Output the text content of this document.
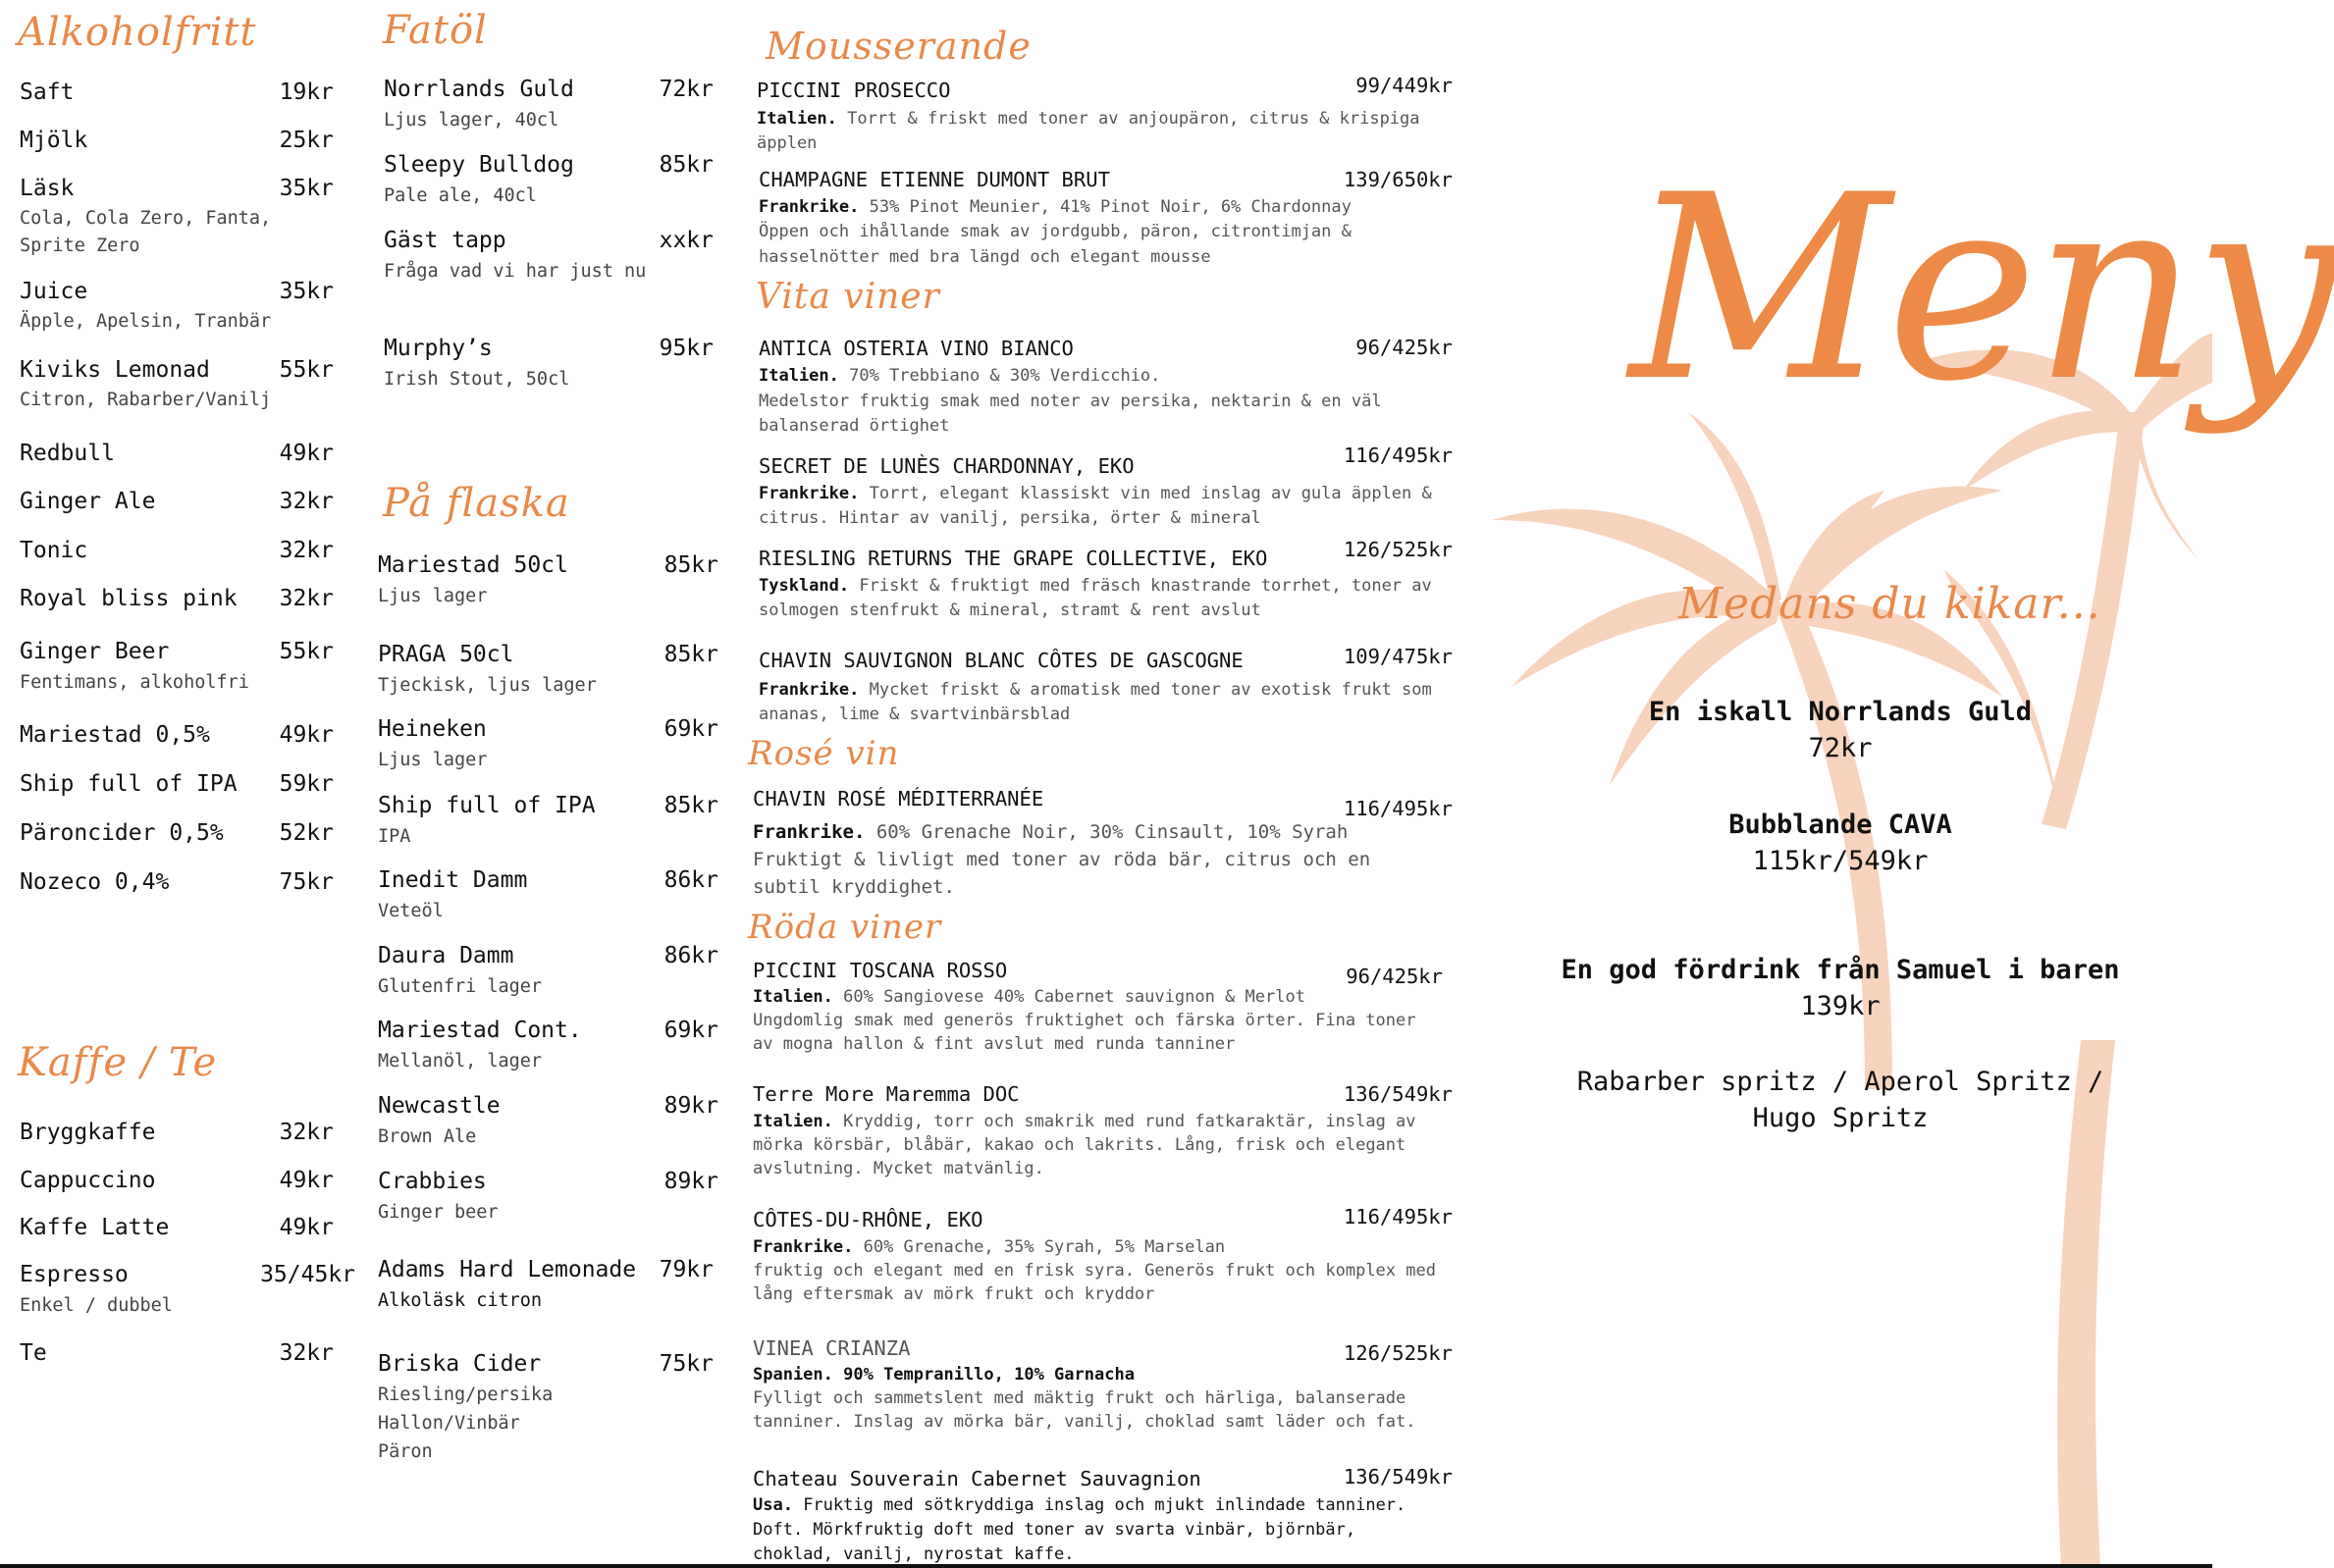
Alkoholfritt
Saft	19kr
Mjölk	25kr
Läsk	35kr
Cola, Cola Zero, Fanta,
Sprite Zero
Juice	35kr
Äpple, Apelsin, Tranbär
Kiviks Lemonad	55kr
Citron, Rabarber/Vanilj
Redbull	49kr
Ginger Ale	32kr
Tonic	32kr
Royal bliss pink	32kr
Ginger Beer	55kr
Fentimans, alkoholfri
Mariestad 0,5%	49kr
Ship full of IPA	59kr
Päroncider 0,5%	52kr
Nozeco 0,4%	75kr
Kaffe / Te
Bryggkaffe	32kr
Cappuccino	49kr
Kaffe Latte	49kr
Espresso	35/45kr
Enkel / dubbel
Te	32kr
Fatöl
Norrlands Guld	72kr
Ljus lager, 40cl
Sleepy Bulldog	85kr
Pale ale, 40cl
Gäst tapp	xxkr
Fråga vad vi har just nu
Murphy’s	95kr
Irish Stout, 50cl
På flaska
Mariestad 50cl	85kr
Ljus lager
PRAGA 50cl	85kr
Tjeckisk, ljus lager
Heineken	69kr
Ljus lager
Ship full of IPA	85kr
IPA
Inedit Damm	86kr
Veteöl
Daura Damm	86kr
Glutenfri lager
Mariestad Cont.	69kr
Mellanöl, lager
Newcastle	89kr
Brown Ale
Crabbies	89kr
Ginger beer
Adams Hard Lemonade	79kr
Alkoläsk citron
Briska Cider	75kr
Riesling/persika
Hallon/Vinbär
Päron
Mousserande
PICCINI PROSECCO	99/449kr
Italien. Torrt & friskt med toner av anjoupäron, citrus & krispiga
äpplen
CHAMPAGNE ETIENNE DUMONT BRUT	139/650kr
Frankrike. 53% Pinot Meunier, 41% Pinot Noir, 6% Chardonnay
Öppen och ihållande smak av jordgubb, päron, citrontimjan &
hasselnötter med bra längd och elegant mousse
Vita viner
ANTICA OSTERIA VINO BIANCO	96/425kr
Italien. 70% Trebbiano & 30% Verdicchio.
Medelstor fruktig smak med noter av persika, nektarin & en väl
balanserad örtighet
SECRET DE LUNÈS CHARDONNAY, EKO	116/495kr
Frankrike. Torrt, elegant klassiskt vin med inslag av gula äpplen &
citrus. Hintar av vanilj, persika, örter & mineral
RIESLING RETURNS THE GRAPE COLLECTIVE, EKO	126/525kr
Tyskland. Friskt & fruktigt med fräsch knastrande torrhet, toner av
solmogen stenfrukt & mineral, stramt & rent avslut
CHAVIN SAUVIGNON BLANC CÔTES DE GASCOGNE	109/475kr
Frankrike. Mycket friskt & aromatisk med toner av exotisk frukt som
ananas, lime & svartvinbärsblad
Rosé vin
CHAVIN ROSÉ MÉDITERRANÉE	116/495kr
Frankrike. 60% Grenache Noir, 30% Cinsault, 10% Syrah
Fruktigt & livligt med toner av röda bär, citrus och en
subtil kryddighet.
Röda viner
PICCINI TOSCANA ROSSO	96/425kr
Italien. 60% Sangiovese 40% Cabernet sauvignon & Merlot
Ungdomlig smak med generös fruktighet och färska örter. Fina toner
av mogna hallon & fint avslut med runda tanniner
Terre More Maremma DOC	136/549kr
Italien. Kryddig, torr och smakrik med rund fatkaraktär, inslag av
mörka körsbär, blåbär, kakao och lakrits. Lång, frisk och elegant
avslutning. Mycket matvänlig.
CÔTES-DU-RHÔNE, EKO	116/495kr
Frankrike. 60% Grenache, 35% Syrah, 5% Marselan
fruktig och elegant med en frisk syra. Generös frukt och komplex med
lång eftersmak av mörk frukt och kryddor
VINEA CRIANZA	126/525kr
Spanien. 90% Tempranillo, 10% Garnacha
Fylligt och sammetslent med mäktig frukt och härliga, balanserade
tanniner. Inslag av mörka bär, vanilj, choklad samt läder och fat.
Chateau Souverain Cabernet Sauvagnion	136/549kr
Usa. Fruktig med sötkryddiga inslag och mjukt inlindade tanniner.
Doft. Mörkfruktig doft med toner av svarta vinbär, björnbär,
choklad, vanilj, nyrostat kaffe.
Meny
Medans du kikar...
En iskall Norrlands Guld
72kr
Bubblande CAVA
115kr/549kr
En god fördrink från Samuel i baren
139kr
Rabarber spritz / Aperol Spritz /
Hugo Spritz
